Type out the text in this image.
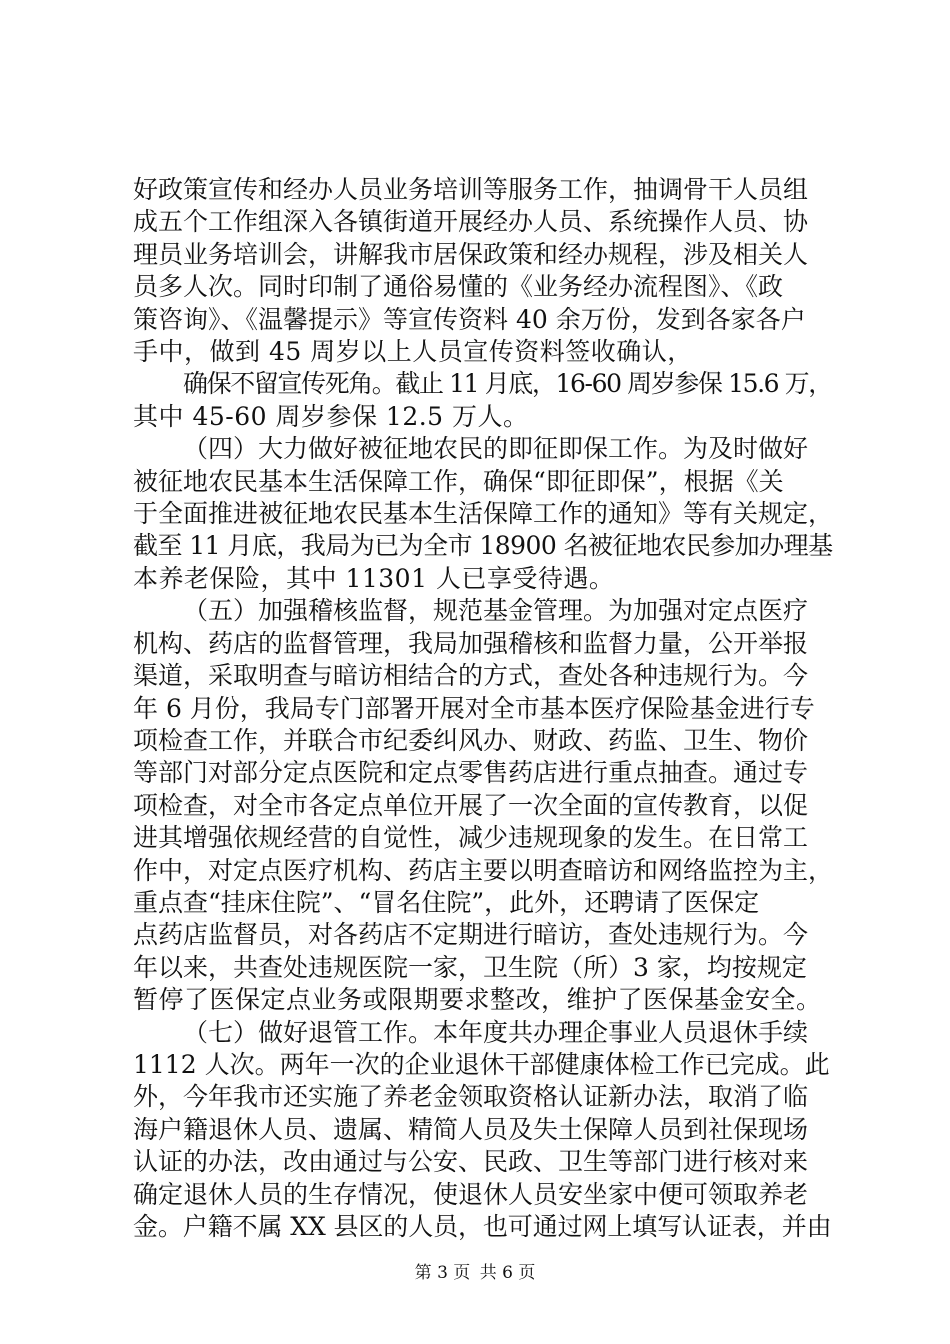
好政策宣传和经办人员业务培训等服务工作，抽调骨干人员组
成五个工作组深入各镇街道开展经办人员、系统操作人员、协
理员业务培训会，讲解我市居保政策和经办规程，涉及相关人
员多人次。同时印制了通俗易懂的《业务经办流程图》、《政
策咨询》、《温馨提示》等宣传资料 40 余万份，发到各家各户
手中，做到 45 周岁以上人员宣传资料签收确认，

确保不留宣传死角。截止 11 月底，16-60 周岁参保 15.6 万，
其中 45-60 周岁参保 12.5 万人。

（四）大力做好被征地农民的即征即保工作。为及时做好
被征地农民基本生活保障工作，确保“即征即保”，根据《关
于全面推进被征地农民基本生活保障工作的通知》等有关规定，
截至 11 月底，我局为已为全市 18900 名被征地农民参加办理基
本养老保险，其中 11301 人已享受待遇。

（五）加强稽核监督，规范基金管理。为加强对定点医疗
机构、药店的监督管理，我局加强稽核和监督力量，公开举报
渠道，采取明查与暗访相结合的方式，查处各种违规行为。今
年 6 月份，我局专门部署开展对全市基本医疗保险基金进行专
项检查工作，并联合市纪委纠风办、财政、药监、卫生、物价
等部门对部分定点医院和定点零售药店进行重点抽查。通过专
项检查，对全市各定点单位开展了一次全面的宣传教育，以促
进其增强依规经营的自觉性，减少违规现象的发生。在日常工
作中，对定点医疗机构、药店主要以明查暗访和网络监控为主，
重点查“挂床住院”、“冒名住院”，此外，还聘请了医保定
点药店监督员，对各药店不定期进行暗访，查处违规行为。今
年以来，共查处违规医院一家，卫生院（所）3 家，均按规定
暂停了医保定点业务或限期要求整改，维护了医保基金安全。

（七）做好退管工作。本年度共办理企事业人员退休手续
1112 人次。两年一次的企业退休干部健康体检工作已完成。此
外，今年我市还实施了养老金领取资格认证新办法，取消了临
海户籍退休人员、遗属、精简人员及失土保障人员到社保现场
认证的办法，改由通过与公安、民政、卫生等部门进行核对来
确定退休人员的生存情况，使退休人员安坐家中便可领取养老
金。户籍不属 XX 县区的人员，也可通过网上填写认证表，并由

第 3 页 共 6 页
